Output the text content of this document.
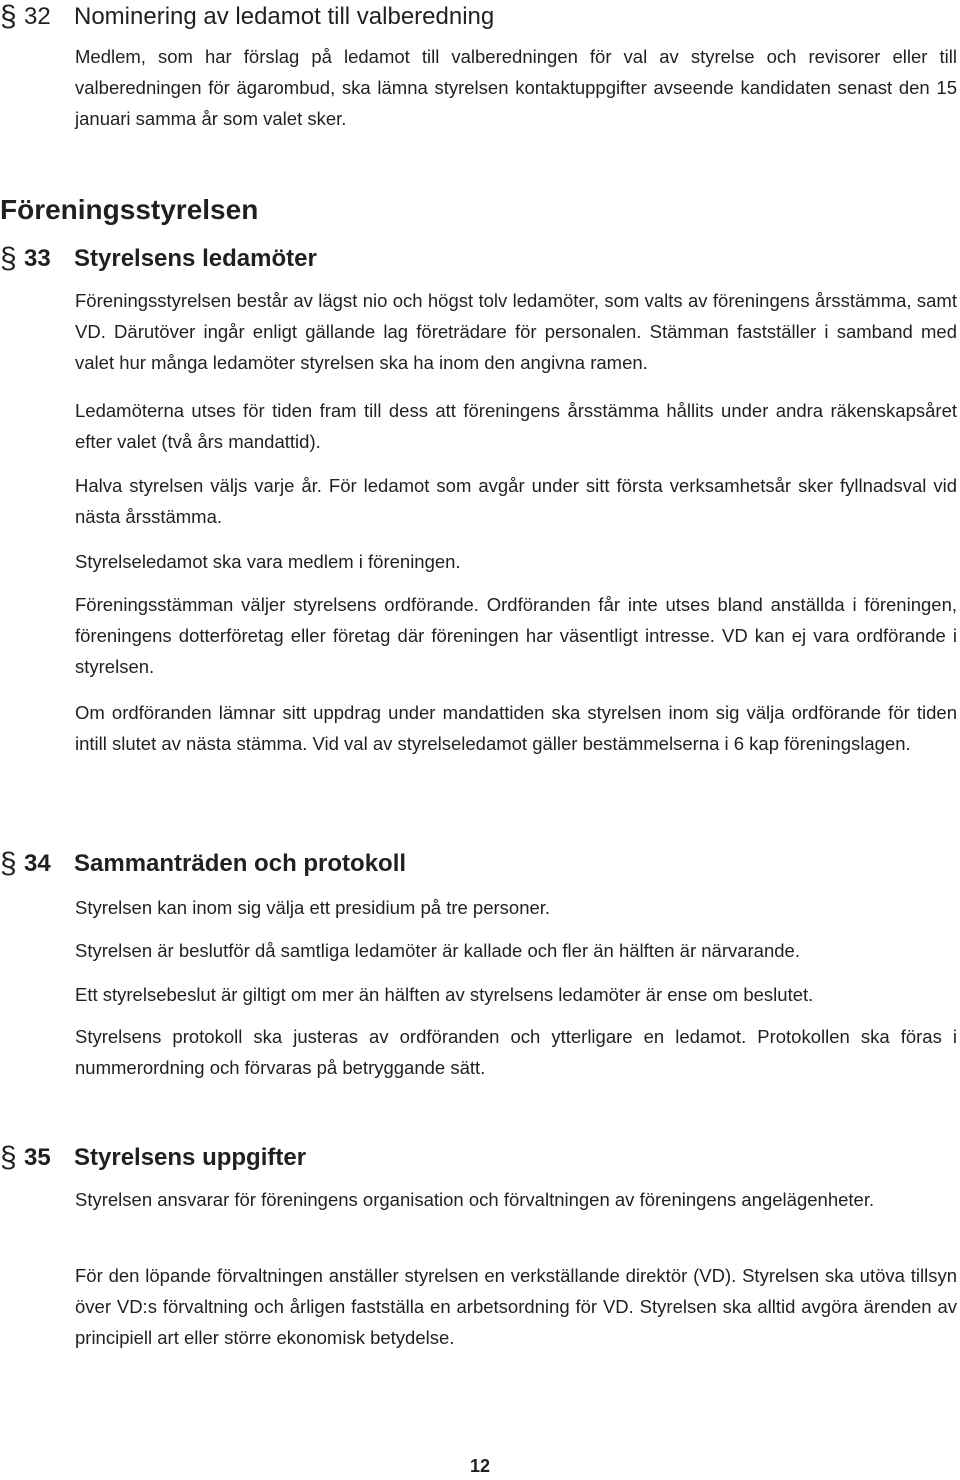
§ 32 Nominering av ledamot till valberedning

Medlem, som har förslag på ledamot till valberedningen för val av styrelse och revisorer eller till valberedningen för ägarombud, ska lämna styrelsen kontaktuppgifter avseende kandidaten senast den 15 januari samma år som valet sker.

Föreningsstyrelsen
§ 33 Styrelsens ledamöter

Föreningsstyrelsen består av lägst nio och högst tolv ledamöter, som valts av föreningens årsstämma, samt VD. Därutöver ingår enligt gällande lag företrädare för personalen. Stämman fastställer i samband med valet hur många ledamöter styrelsen ska ha inom den angivna ramen.

Ledamöterna utses för tiden fram till dess att föreningens årsstämma hållits under andra räkenskapsåret efter valet (två års mandattid).

Halva styrelsen väljs varje år. För ledamot som avgår under sitt första verksamhetsår sker fyllnadsval vid nästa årsstämma.

Styrelseledamot ska vara medlem i föreningen.

Föreningsstämman väljer styrelsens ordförande. Ordföranden får inte utses bland anställda i föreningen, föreningens dotterföretag eller företag där föreningen har väsentligt intresse. VD kan ej vara ordförande i styrelsen.

Om ordföranden lämnar sitt uppdrag under mandattiden ska styrelsen inom sig välja ordförande för tiden intill slutet av nästa stämma. Vid val av styrelseledamot gäller bestämmelserna i 6 kap föreningslagen.

§ 34 Sammanträden och protokoll

Styrelsen kan inom sig välja ett presidium på tre personer.

Styrelsen är beslutför då samtliga ledamöter är kallade och fler än hälften är närvarande.

Ett styrelsebeslut är giltigt om mer än hälften av styrelsens ledamöter är ense om beslutet.

Styrelsens protokoll ska justeras av ordföranden och ytterligare en ledamot. Protokollen ska föras i nummerordning och förvaras på betryggande sätt.

§ 35 Styrelsens uppgifter

Styrelsen ansvarar för föreningens organisation och förvaltningen av föreningens angelägenheter.

För den löpande förvaltningen anställer styrelsen en verkställande direktör (VD). Styrelsen ska utöva tillsyn över VD:s förvaltning och årligen fastställa en arbetsordning för VD. Styrelsen ska alltid avgöra ärenden av principiell art eller större ekonomisk betydelse.

12
